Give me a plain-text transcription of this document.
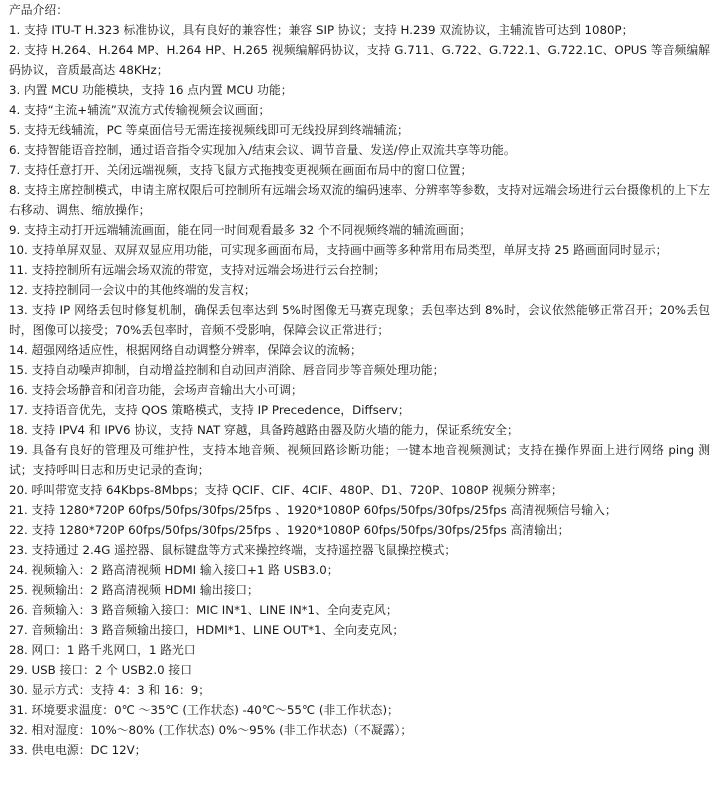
产品介绍：
1. 支持 ITU-T H.323 标准协议，具有良好的兼容性；兼容 SIP 协议；支持 H.239 双流协议，主辅流皆可达到 1080P；
2. 支持 H.264、H.264 MP、H.264 HP、H.265 视频编解码协议，支持 G.711、G.722、G.722.1、G.722.1C、OPUS 等音频编解码协议，音质最高达 48KHz；
3. 内置 MCU 功能模块，支持 16 点内置 MCU 功能；
4. 支持“主流+辅流”双流方式传输视频会议画面；
5. 支持无线辅流，PC 等桌面信号无需连接视频线即可无线投屏到终端辅流；
6. 支持智能语音控制，通过语音指令实现加入/结束会议、调节音量、发送/停止双流共享等功能。
7. 支持任意打开、关闭远端视频，支持飞鼠方式拖拽变更视频在画面布局中的窗口位置；
8. 支持主席控制模式，申请主席权限后可控制所有远端会场双流的编码速率、分辨率等参数，支持对远端会场进行云台摄像机的上下左右移动、调焦、缩放操作；
9. 支持主动打开远端辅流画面，能在同一时间观看最多 32 个不同视频终端的辅流画面；
10. 支持单屏双显、双屏双显应用功能，可实现多画面布局，支持画中画等多种常用布局类型，单屏支持 25 路画面同时显示；
11. 支持控制所有远端会场双流的带宽，支持对远端会场进行云台控制；
12. 支持控制同一会议中的其他终端的发言权；
13. 支持 IP 网络丢包时修复机制，确保丢包率达到 5%时图像无马赛克现象；丢包率达到 8%时，会议依然能够正常召开；20%丢包时，图像可以接受；70%丢包率时，音频不受影响，保障会议正常进行；
14. 超强网络适应性，根据网络自动调整分辨率，保障会议的流畅；
15. 支持自动噪声抑制，自动增益控制和自动回声消除、唇音同步等音频处理功能；
16. 支持会场静音和闭音功能，会场声音输出大小可调；
17. 支持语音优先，支持 QOS 策略模式，支持 IP Precedence，Diffserv；
18. 支持 IPV4 和 IPV6 协议，支持 NAT 穿越，具备跨越路由器及防火墙的能力，保证系统安全；
19. 具备有良好的管理及可维护性，支持本地音频、视频回路诊断功能；一键本地音视频测试；支持在操作界面上进行网络 ping 测试；支持呼叫日志和历史记录的查询；
20. 呼叫带宽支持 64Kbps-8Mbps；支持 QCIF、CIF、4CIF、480P、D1、720P、1080P 视频分辨率；
21. 支持 1280*720P 60fps/50fps/30fps/25fps 、1920*1080P 60fps/50fps/30fps/25fps 高清视频信号输入；
22. 支持 1280*720P 60fps/50fps/30fps/25fps 、1920*1080P 60fps/50fps/30fps/25fps 高清输出；
23. 支持通过 2.4G 遥控器、鼠标键盘等方式来操控终端，支持遥控器飞鼠操控模式；
24. 视频输入：2 路高清视频 HDMI 输入接口+1 路 USB3.0；
25. 视频输出：2 路高清视频 HDMI 输出接口；
26. 音频输入：3 路音频输入接口：MIC IN*1、LINE IN*1、全向麦克风；
27. 音频输出：3 路音频输出接口，HDMI*1、LINE OUT*1、全向麦克风；
28. 网口：1 路千兆网口，1 路光口
29. USB 接口：2 个 USB2.0 接口
30. 显示方式：支持 4：3 和 16：9；
31. 环境要求温度：0℃ ～35℃ (工作状态) -40℃～55℃ (非工作状态)；
32. 相对湿度：10%～80% (工作状态) 0%～95% (非工作状态)（不凝露）；
33. 供电电源：DC 12V；
